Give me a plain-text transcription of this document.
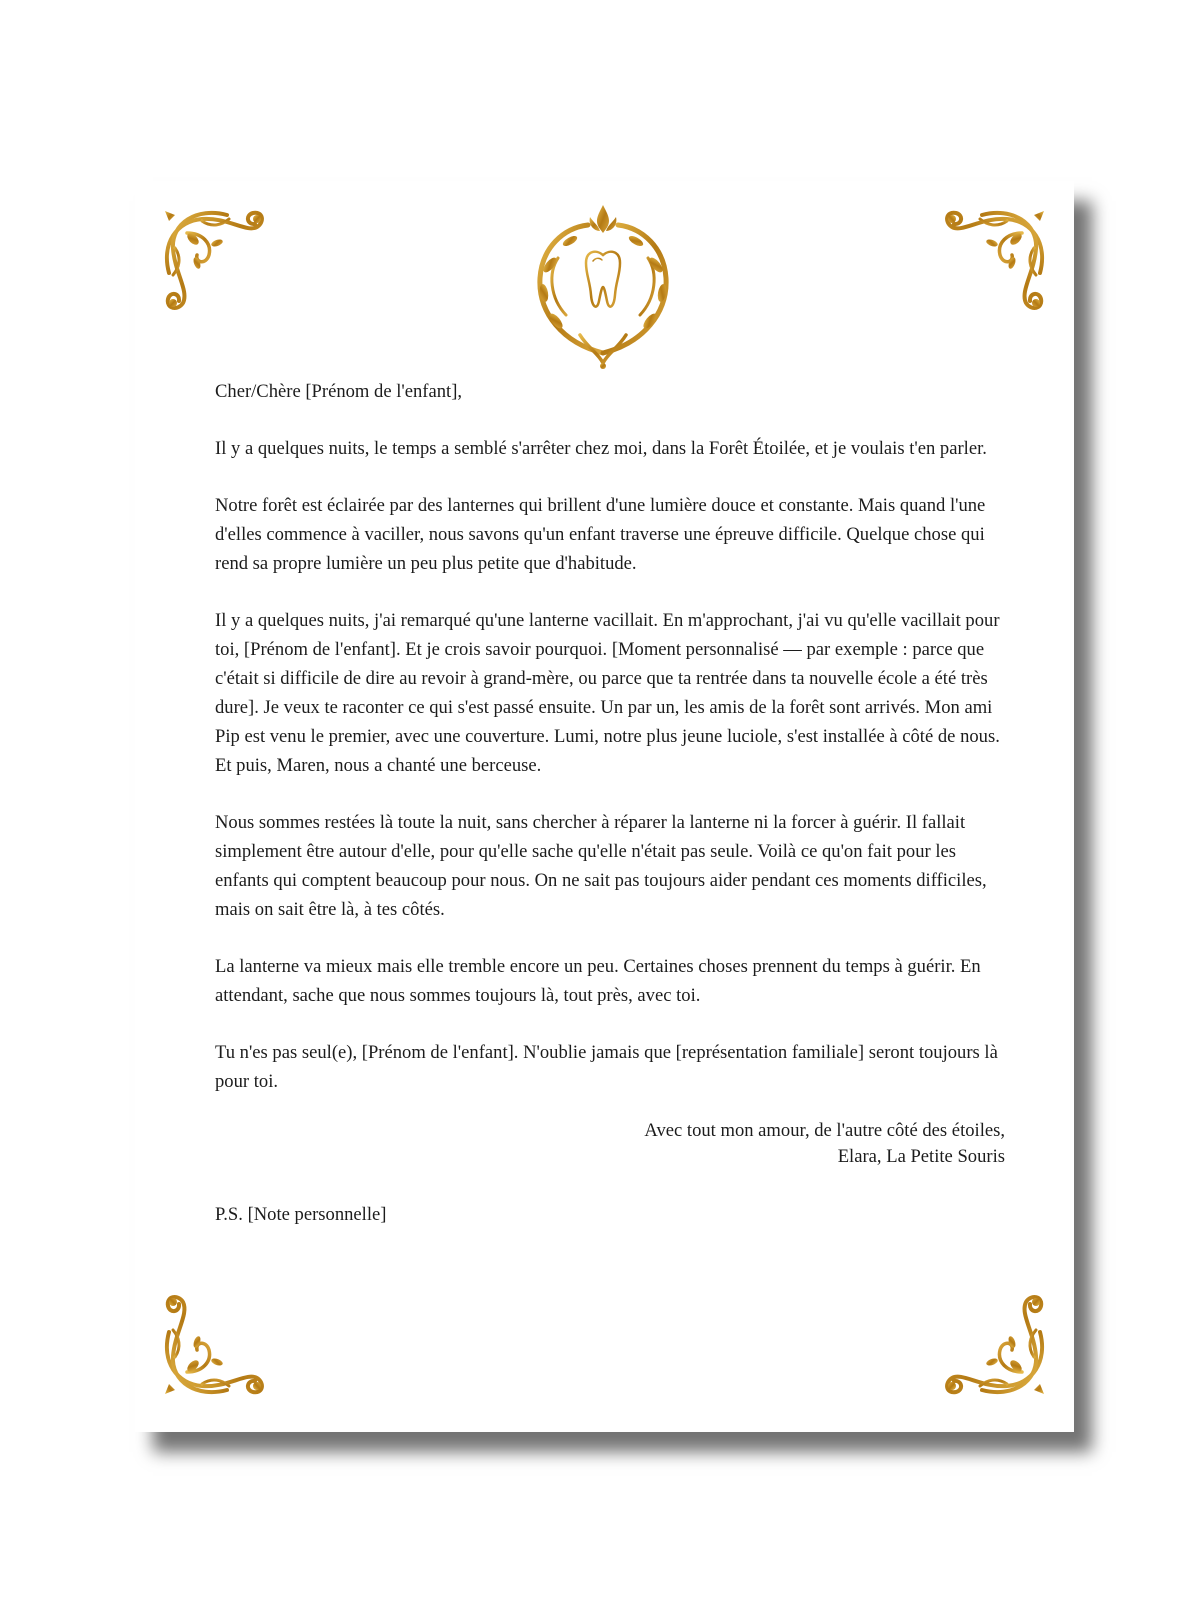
Cher/Chère [Prénom de l'enfant],

Il y a quelques nuits, le temps a semblé s'arrêter chez moi, dans la Forêt Étoilée, et je voulais t'en parler.

Notre forêt est éclairée par des lanternes qui brillent d'une lumière douce et constante. Mais quand l'une d'elles commence à vaciller, nous savons qu'un enfant traverse une épreuve difficile. Quelque chose qui rend sa propre lumière un peu plus petite que d'habitude.

Il y a quelques nuits, j'ai remarqué qu'une lanterne vacillait. En m'approchant, j'ai vu qu'elle vacillait pour toi, [Prénom de l'enfant]. Et je crois savoir pourquoi. [Moment personnalisé — par exemple : parce que c'était si difficile de dire au revoir à grand-mère, ou parce que ta rentrée dans ta nouvelle école a été très dure]. Je veux te raconter ce qui s'est passé ensuite. Un par un, les amis de la forêt sont arrivés. Mon ami Pip est venu le premier, avec une couverture. Lumi, notre plus jeune luciole, s'est installée à côté de nous. Et puis, Maren, nous a chanté une berceuse.

Nous sommes restées là toute la nuit, sans chercher à réparer la lanterne ni la forcer à guérir. Il fallait simplement être autour d'elle, pour qu'elle sache qu'elle n'était pas seule. Voilà ce qu'on fait pour les enfants qui comptent beaucoup pour nous. On ne sait pas toujours aider pendant ces moments difficiles, mais on sait être là, à tes côtés.

La lanterne va mieux mais elle tremble encore un peu. Certaines choses prennent du temps à guérir. En attendant, sache que nous sommes toujours là, tout près, avec toi.

Tu n'es pas seul(e), [Prénom de l'enfant]. N'oublie jamais que [représentation familiale] seront toujours là pour toi.

Avec tout mon amour, de l'autre côté des étoiles,
Elara, La Petite Souris

P.S. [Note personnelle]
